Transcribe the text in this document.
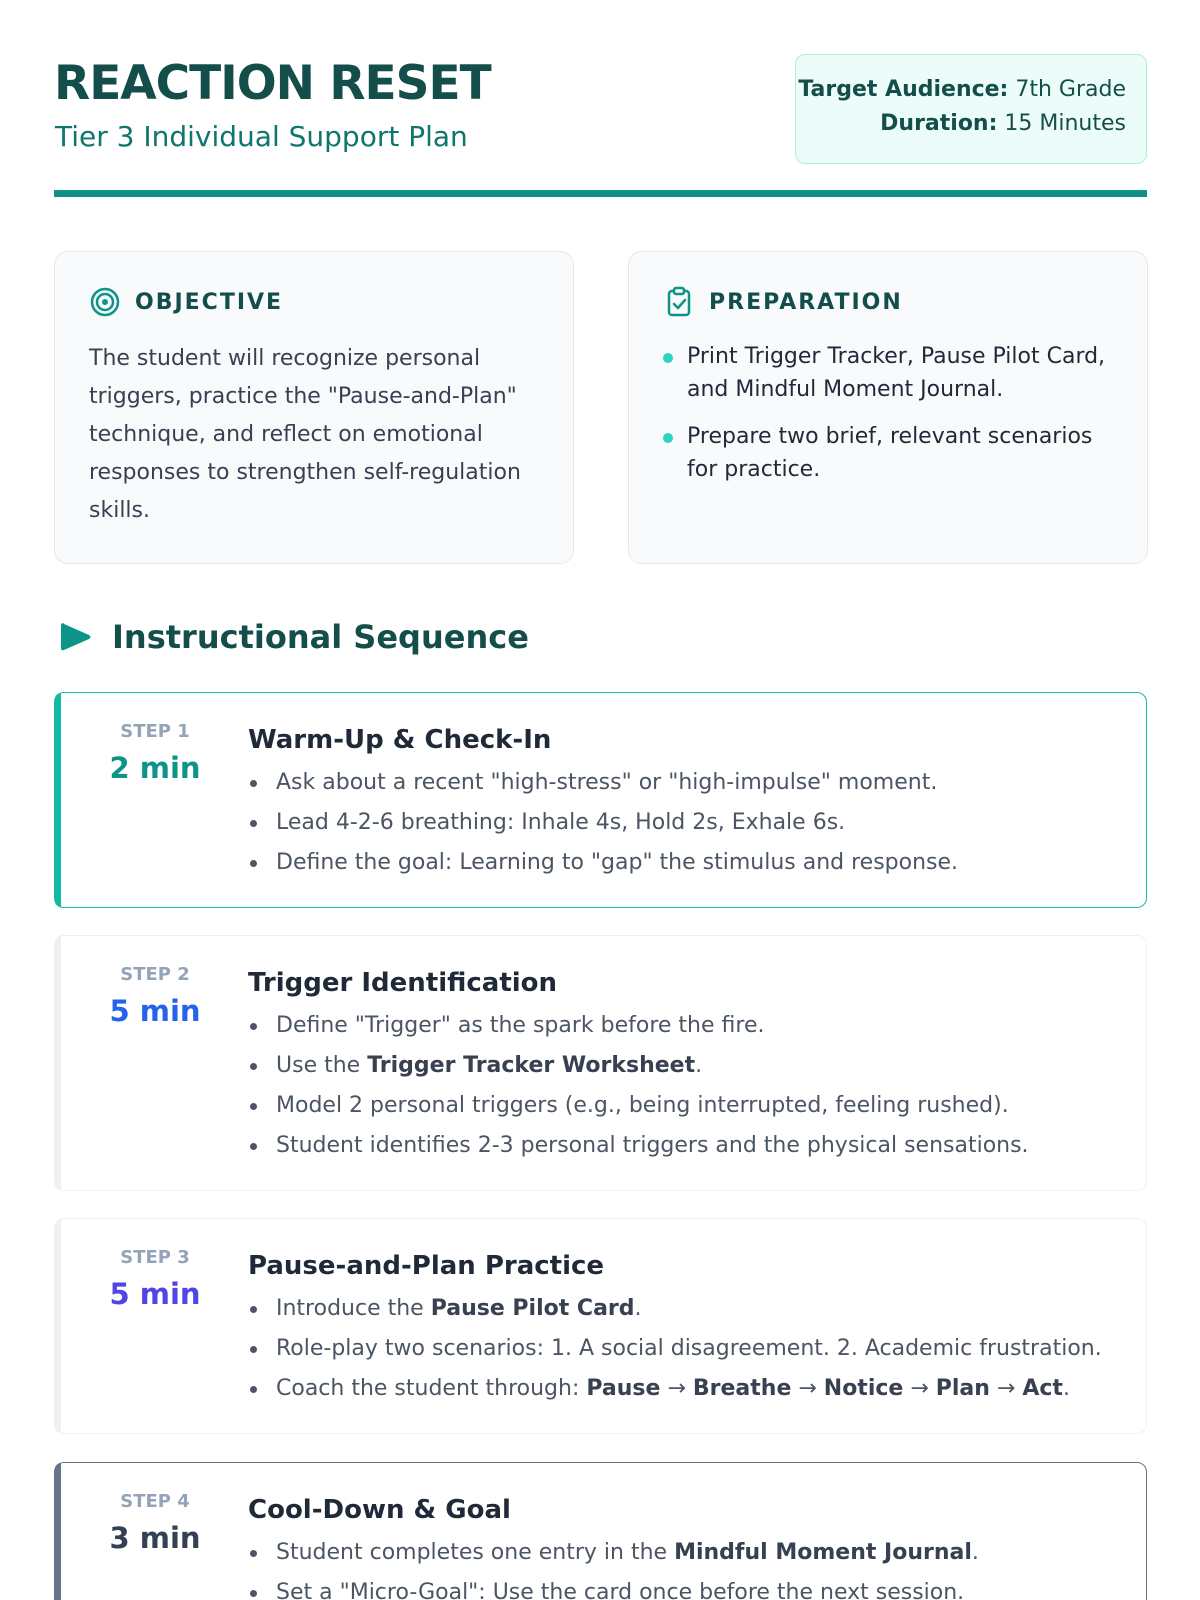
REACTION RESET
Tier 3 Individual Support Plan
Target Audience: 7th Grade
Duration: 15 Minutes
OBJECTIVE

The student will recognize personal triggers, practice the "Pause-and-Plan" technique, and reflect on emotional responses to strengthen self-regulation skills.

PREPARATION
Print Trigger Tracker, Pause Pilot Card, and Mindful Moment Journal.
Prepare two brief, relevant scenarios for practice.
Instructional Sequence
STEP 1
2 min
Warm-Up & Check-In
Ask about a recent "high-stress" or "high-impulse" moment.
Lead 4-2-6 breathing: Inhale 4s, Hold 2s, Exhale 6s.
Define the goal: Learning to "gap" the stimulus and response.
STEP 2
5 min
Trigger Identification
Define "Trigger" as the spark before the fire.
Use the Trigger Tracker Worksheet.
Model 2 personal triggers (e.g., being interrupted, feeling rushed).
Student identifies 2-3 personal triggers and the physical sensations.
STEP 3
5 min
Pause-and-Plan Practice
Introduce the Pause Pilot Card.
Role-play two scenarios: 1. A social disagreement. 2. Academic frustration.
Coach the student through: Pause → Breathe → Notice → Plan → Act.
STEP 4
3 min
Cool-Down & Goal
Student completes one entry in the Mindful Moment Journal.
Set a "Micro-Goal": Use the card once before the next session.
